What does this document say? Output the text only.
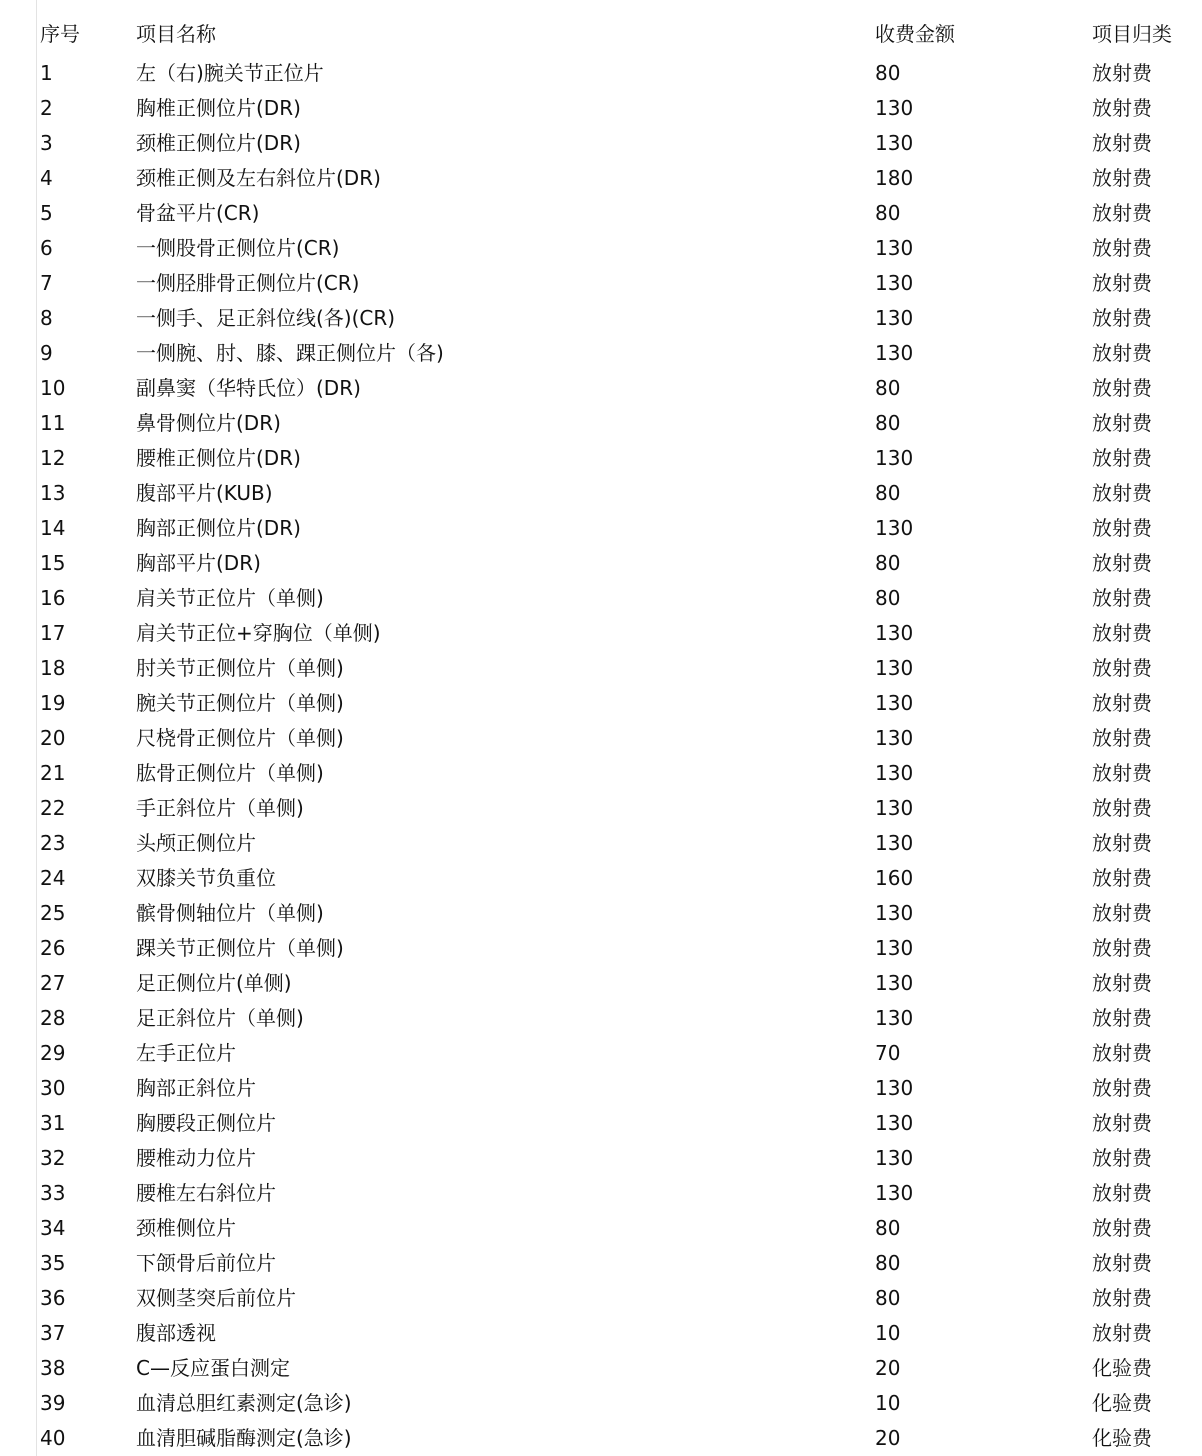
序号	项目名称	收费金额	项目归类
1	左（右)腕关节正位片	80	放射费
2	胸椎正侧位片(DR)	130	放射费
3	颈椎正侧位片(DR)	130	放射费
4	颈椎正侧及左右斜位片(DR)	180	放射费
5	骨盆平片(CR)	80	放射费
6	一侧股骨正侧位片(CR)	130	放射费
7	一侧胫腓骨正侧位片(CR)	130	放射费
8	一侧手、足正斜位线(各)(CR)	130	放射费
9	一侧腕、肘、膝、踝正侧位片（各)	130	放射费
10	副鼻窦（华特氏位）(DR)	80	放射费
11	鼻骨侧位片(DR)	80	放射费
12	腰椎正侧位片(DR)	130	放射费
13	腹部平片(KUB)	80	放射费
14	胸部正侧位片(DR)	130	放射费
15	胸部平片(DR)	80	放射费
16	肩关节正位片（单侧)	80	放射费
17	肩关节正位+穿胸位（单侧)	130	放射费
18	肘关节正侧位片（单侧)	130	放射费
19	腕关节正侧位片（单侧)	130	放射费
20	尺桡骨正侧位片（单侧)	130	放射费
21	肱骨正侧位片（单侧)	130	放射费
22	手正斜位片（单侧)	130	放射费
23	头颅正侧位片	130	放射费
24	双膝关节负重位	160	放射费
25	髌骨侧轴位片（单侧)	130	放射费
26	踝关节正侧位片（单侧)	130	放射费
27	足正侧位片(单侧)	130	放射费
28	足正斜位片（单侧)	130	放射费
29	左手正位片	70	放射费
30	胸部正斜位片	130	放射费
31	胸腰段正侧位片	130	放射费
32	腰椎动力位片	130	放射费
33	腰椎左右斜位片	130	放射费
34	颈椎侧位片	80	放射费
35	下颌骨后前位片	80	放射费
36	双侧茎突后前位片	80	放射费
37	腹部透视	10	放射费
38	C—反应蛋白测定	20	化验费
39	血清总胆红素测定(急诊)	10	化验费
40	血清胆碱脂酶测定(急诊)	20	化验费
